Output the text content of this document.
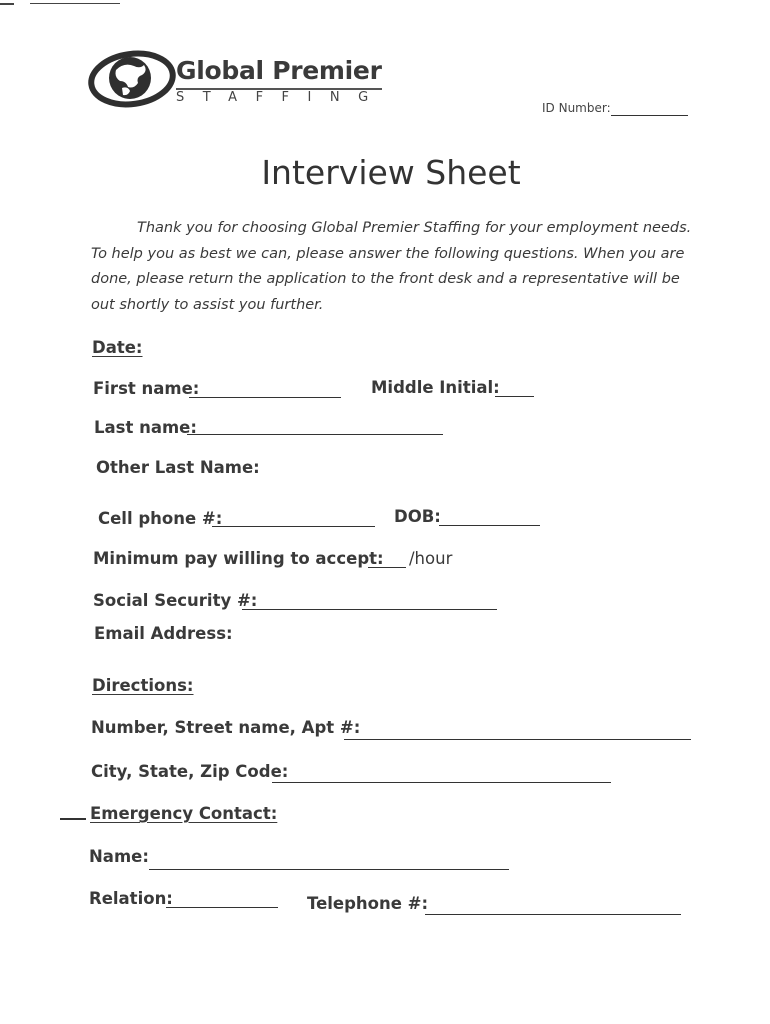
Global Premier
STAFFING
ID Number:
Interview Sheet

Thank you for choosing Global Premier Staffing for your employment needs. To help you as best we can, please answer the following questions. When you are done, please return the application to the front desk and a representative will be out shortly to assist you further.

Date:
First name:	Middle Initial:
Last name:
Other Last Name:
Cell phone #:	DOB:
Minimum pay willing to accept: /hour
Social Security #:
Email Address:
Directions:
Number, Street name, Apt #:
City, State, Zip Code:
Emergency Contact:
Name:
Relation:	Telephone #:
